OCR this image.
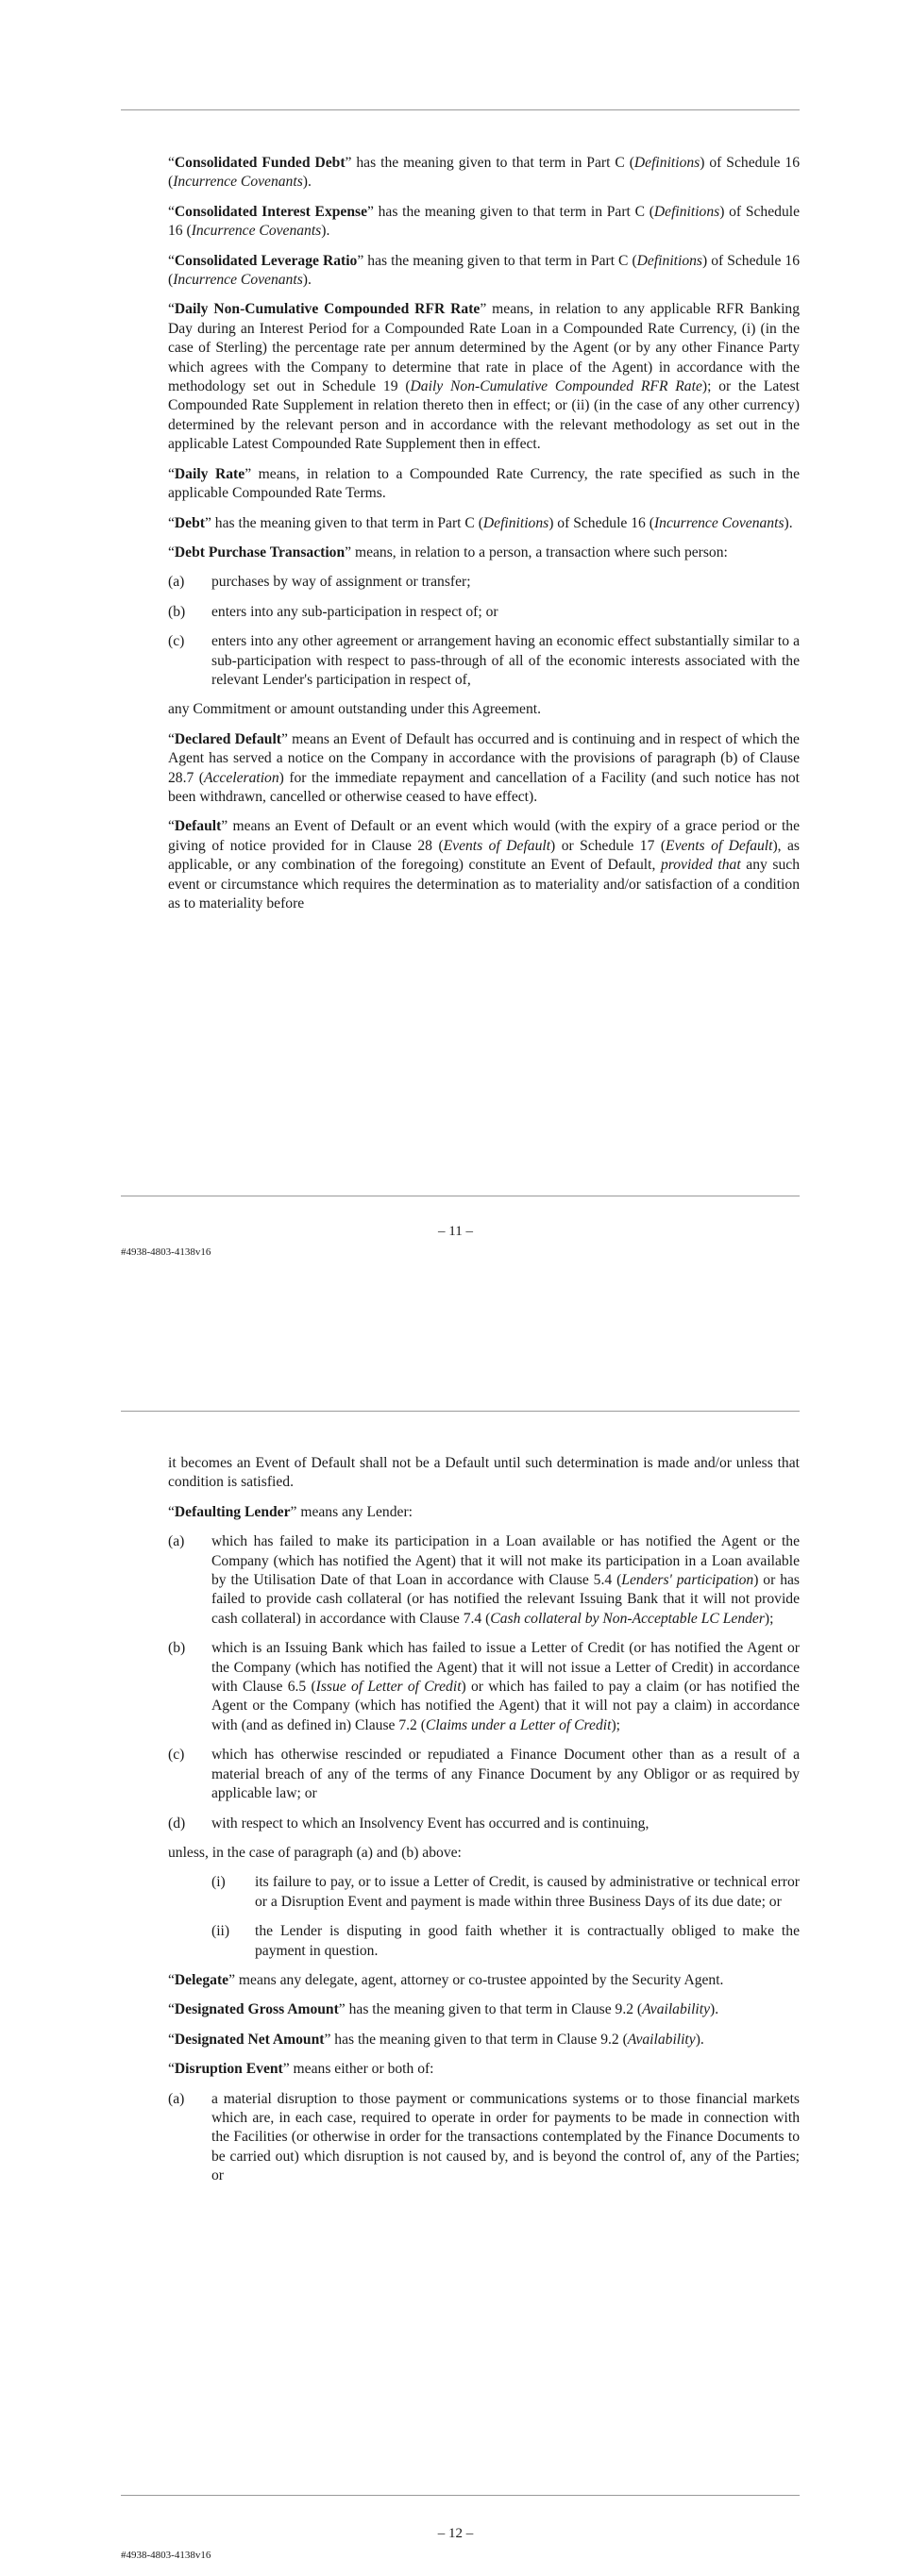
“Consolidated Funded Debt” has the meaning given to that term in Part C (Definitions) of Schedule 16 (Incurrence Covenants).

“Consolidated Interest Expense” has the meaning given to that term in Part C (Definitions) of Schedule 16 (Incurrence Covenants).

“Consolidated Leverage Ratio” has the meaning given to that term in Part C (Definitions) of Schedule 16 (Incurrence Covenants).

“Daily Non-Cumulative Compounded RFR Rate” means, in relation to any applicable RFR Banking Day during an Interest Period for a Compounded Rate Loan in a Compounded Rate Currency, (i) (in the case of Sterling) the percentage rate per annum determined by the Agent (or by any other Finance Party which agrees with the Company to determine that rate in place of the Agent) in accordance with the methodology set out in Schedule 19 (Daily Non-Cumulative Compounded RFR Rate); or the Latest Compounded Rate Supplement in relation thereto then in effect; or (ii) (in the case of any other currency) determined by the relevant person and in accordance with the relevant methodology as set out in the applicable Latest Compounded Rate Supplement then in effect.

“Daily Rate” means, in relation to a Compounded Rate Currency, the rate specified as such in the applicable Compounded Rate Terms.

“Debt” has the meaning given to that term in Part C (Definitions) of Schedule 16 (Incurrence Covenants).

“Debt Purchase Transaction” means, in relation to a person, a transaction where such person:

(a)	purchases by way of assignment or transfer;
(b)	enters into any sub-participation in respect of; or
(c)	enters into any other agreement or arrangement having an economic effect substantially similar to a sub-participation with respect to pass-through of all of the economic interests associated with the relevant Lender's participation in respect of,

any Commitment or amount outstanding under this Agreement.

“Declared Default” means an Event of Default has occurred and is continuing and in respect of which the Agent has served a notice on the Company in accordance with the provisions of paragraph (b) of Clause 28.7 (Acceleration) for the immediate repayment and cancellation of a Facility (and such notice has not been withdrawn, cancelled or otherwise ceased to have effect).

“Default” means an Event of Default or an event which would (with the expiry of a grace period or the giving of notice provided for in Clause 28 (Events of Default) or Schedule 17 (Events of Default), as applicable, or any combination of the foregoing) constitute an Event of Default, provided that any such event or circumstance which requires the determination as to materiality and/or satisfaction of a condition as to materiality before

– 11 –
#4938-4803-4138v16

it becomes an Event of Default shall not be a Default until such determination is made and/or unless that condition is satisfied.

“Defaulting Lender” means any Lender:

(a)	which has failed to make its participation in a Loan available or has notified the Agent or the Company (which has notified the Agent) that it will not make its participation in a Loan available by the Utilisation Date of that Loan in accordance with Clause 5.4 (Lenders' participation) or has failed to provide cash collateral (or has notified the relevant Issuing Bank that it will not provide cash collateral) in accordance with Clause 7.4 (Cash collateral by Non-Acceptable LC Lender);
(b)	which is an Issuing Bank which has failed to issue a Letter of Credit (or has notified the Agent or the Company (which has notified the Agent) that it will not issue a Letter of Credit) in accordance with Clause 6.5 (Issue of Letter of Credit) or which has failed to pay a claim (or has notified the Agent or the Company (which has notified the Agent) that it will not pay a claim) in accordance with (and as defined in) Clause 7.2 (Claims under a Letter of Credit);
(c)	which has otherwise rescinded or repudiated a Finance Document other than as a result of a material breach of any of the terms of any Finance Document by any Obligor or as required by applicable law; or
(d)	with respect to which an Insolvency Event has occurred and is continuing,

unless, in the case of paragraph (a) and (b) above:

(i)	its failure to pay, or to issue a Letter of Credit, is caused by administrative or technical error or a Disruption Event and payment is made within three Business Days of its due date; or
(ii)	the Lender is disputing in good faith whether it is contractually obliged to make the payment in question.

“Delegate” means any delegate, agent, attorney or co-trustee appointed by the Security Agent.

“Designated Gross Amount” has the meaning given to that term in Clause 9.2 (Availability).

“Designated Net Amount” has the meaning given to that term in Clause 9.2 (Availability).

“Disruption Event” means either or both of:

(a)	a material disruption to those payment or communications systems or to those financial markets which are, in each case, required to operate in order for payments to be made in connection with the Facilities (or otherwise in order for the transactions contemplated by the Finance Documents to be carried out) which disruption is not caused by, and is beyond the control of, any of the Parties; or
– 12 –
#4938-4803-4138v16
